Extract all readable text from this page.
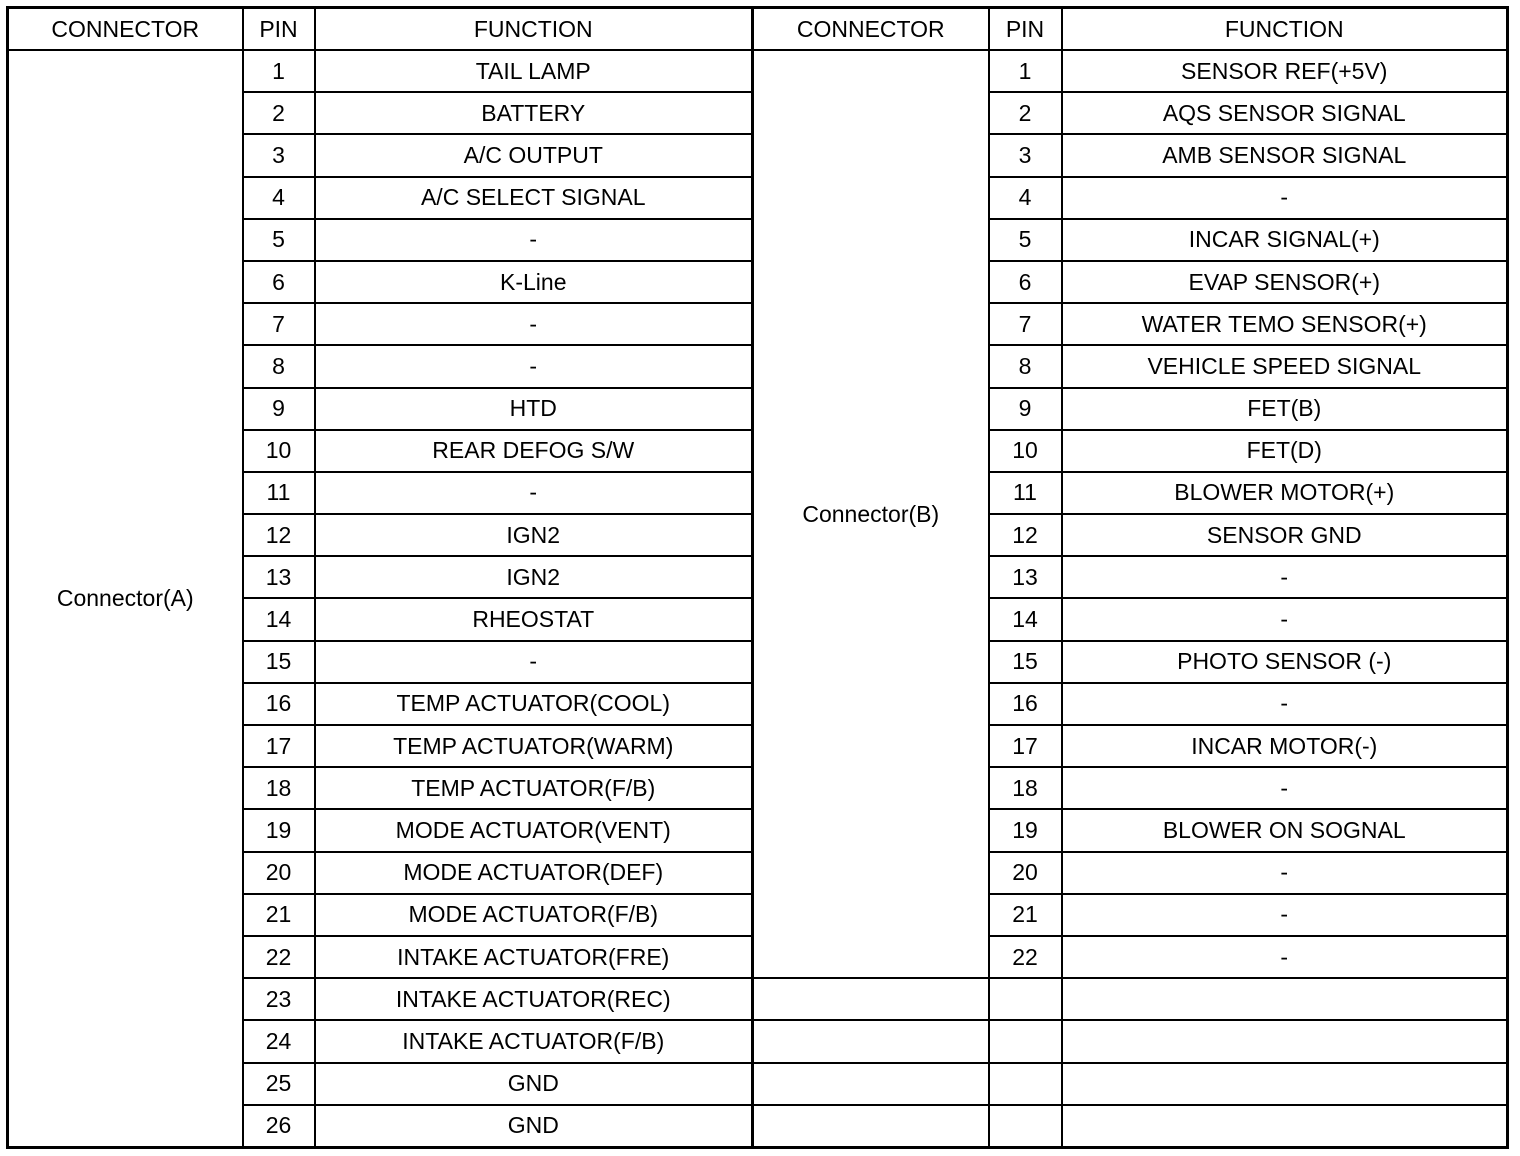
CONNECTOR	PIN	FUNCTION	CONNECTOR	PIN	FUNCTION
Connector(A)	1	TAIL LAMP	Connector(B)	1	SENSOR REF(+5V)
	2	BATTERY		2	AQS SENSOR SIGNAL
	3	A/C OUTPUT		3	AMB SENSOR SIGNAL
	4	A/C SELECT SIGNAL		4	-
	5	-		5	INCAR SIGNAL(+)
	6	K-Line		6	EVAP SENSOR(+)
	7	-		7	WATER TEMO SENSOR(+)
	8	-		8	VEHICLE SPEED SIGNAL
	9	HTD		9	FET(B)
	10	REAR DEFOG S/W		10	FET(D)
	11	-		11	BLOWER MOTOR(+)
	12	IGN2		12	SENSOR GND
	13	IGN2		13	-
	14	RHEOSTAT		14	-
	15	-		15	PHOTO SENSOR (-)
	16	TEMP ACTUATOR(COOL)		16	-
	17	TEMP ACTUATOR(WARM)		17	INCAR MOTOR(-)
	18	TEMP ACTUATOR(F/B)		18	-
	19	MODE ACTUATOR(VENT)		19	BLOWER ON SOGNAL
	20	MODE ACTUATOR(DEF)		20	-
	21	MODE ACTUATOR(F/B)		21	-
	22	INTAKE ACTUATOR(FRE)		22	-
	23	INTAKE ACTUATOR(REC)			
	24	INTAKE ACTUATOR(F/B)			
	25	GND			
	26	GND			
